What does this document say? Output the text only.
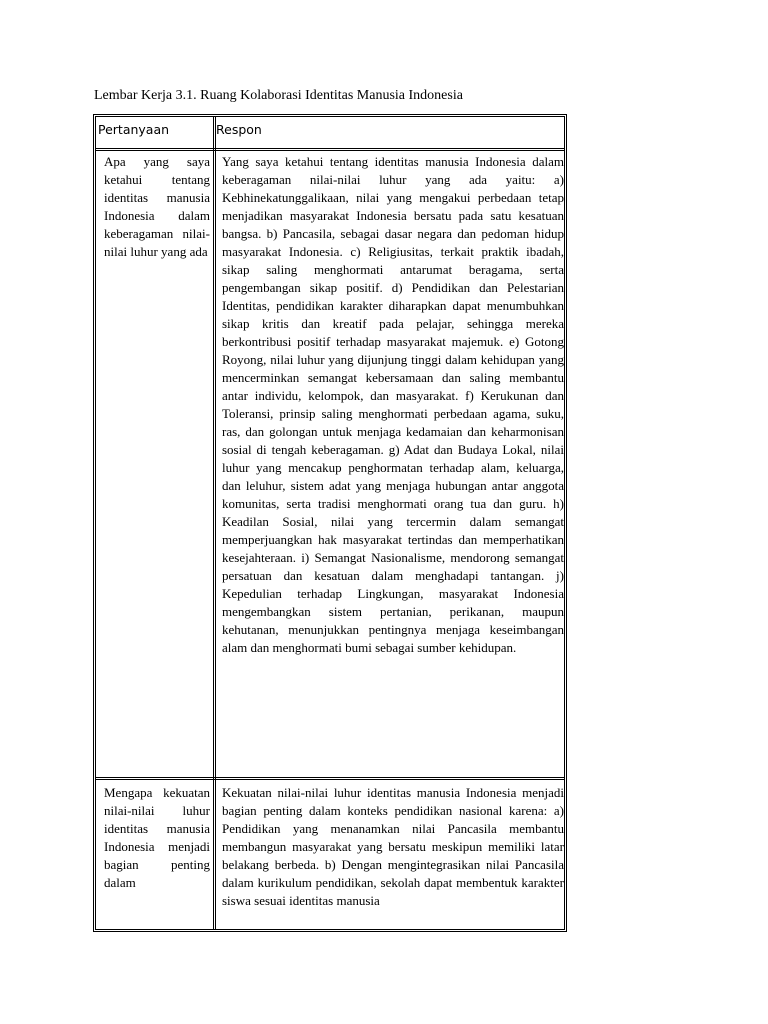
Lembar Kerja 3.1. Ruang Kolaborasi Identitas Manusia Indonesia
Pertanyaan	Respon
Apa yang saya ketahui tentang identitas manusia Indonesia dalam keberagaman nilai-nilai luhur yang ada
Yang saya ketahui tentang identitas manusia Indonesia dalam keberagaman nilai-nilai luhur yang ada yaitu: a) Kebhinekatunggalikaan, nilai yang mengakui perbedaan tetap menjadikan masyarakat Indonesia bersatu pada satu kesatuan bangsa. b) Pancasila, sebagai dasar negara dan pedoman hidup masyarakat Indonesia. c) Religiusitas, terkait praktik ibadah, sikap saling menghormati antarumat beragama, serta pengembangan sikap positif. d) Pendidikan dan Pelestarian Identitas, pendidikan karakter diharapkan dapat menumbuhkan sikap kritis dan kreatif pada pelajar, sehingga mereka berkontribusi positif terhadap masyarakat majemuk. e) Gotong Royong, nilai luhur yang dijunjung tinggi dalam kehidupan yang mencerminkan semangat kebersamaan dan saling membantu antar individu, kelompok, dan masyarakat. f) Kerukunan dan Toleransi, prinsip saling menghormati perbedaan agama, suku, ras, dan golongan untuk menjaga kedamaian dan keharmonisan sosial di tengah keberagaman. g) Adat dan Budaya Lokal, nilai luhur yang mencakup penghormatan terhadap alam, keluarga, dan leluhur, sistem adat yang menjaga hubungan antar anggota komunitas, serta tradisi menghormati orang tua dan guru. h) Keadilan Sosial, nilai yang tercermin dalam semangat memperjuangkan hak masyarakat tertindas dan memperhatikan kesejahteraan. i) Semangat Nasionalisme, mendorong semangat persatuan dan kesatuan dalam menghadapi tantangan. j) Kepedulian terhadap Lingkungan, masyarakat Indonesia mengembangkan sistem pertanian, perikanan, maupun kehutanan, menunjukkan pentingnya menjaga keseimbangan alam dan menghormati bumi sebagai sumber kehidupan.
Mengapa kekuatan nilai-nilai luhur identitas manusia Indonesia menjadi bagian penting dalam
Kekuatan nilai-nilai luhur identitas manusia Indonesia menjadi bagian penting dalam konteks pendidikan nasional karena: a) Pendidikan yang menanamkan nilai Pancasila membantu membangun masyarakat yang bersatu meskipun memiliki latar belakang berbeda. b) Dengan mengintegrasikan nilai Pancasila dalam kurikulum pendidikan, sekolah dapat membentuk karakter siswa sesuai identitas manusia
